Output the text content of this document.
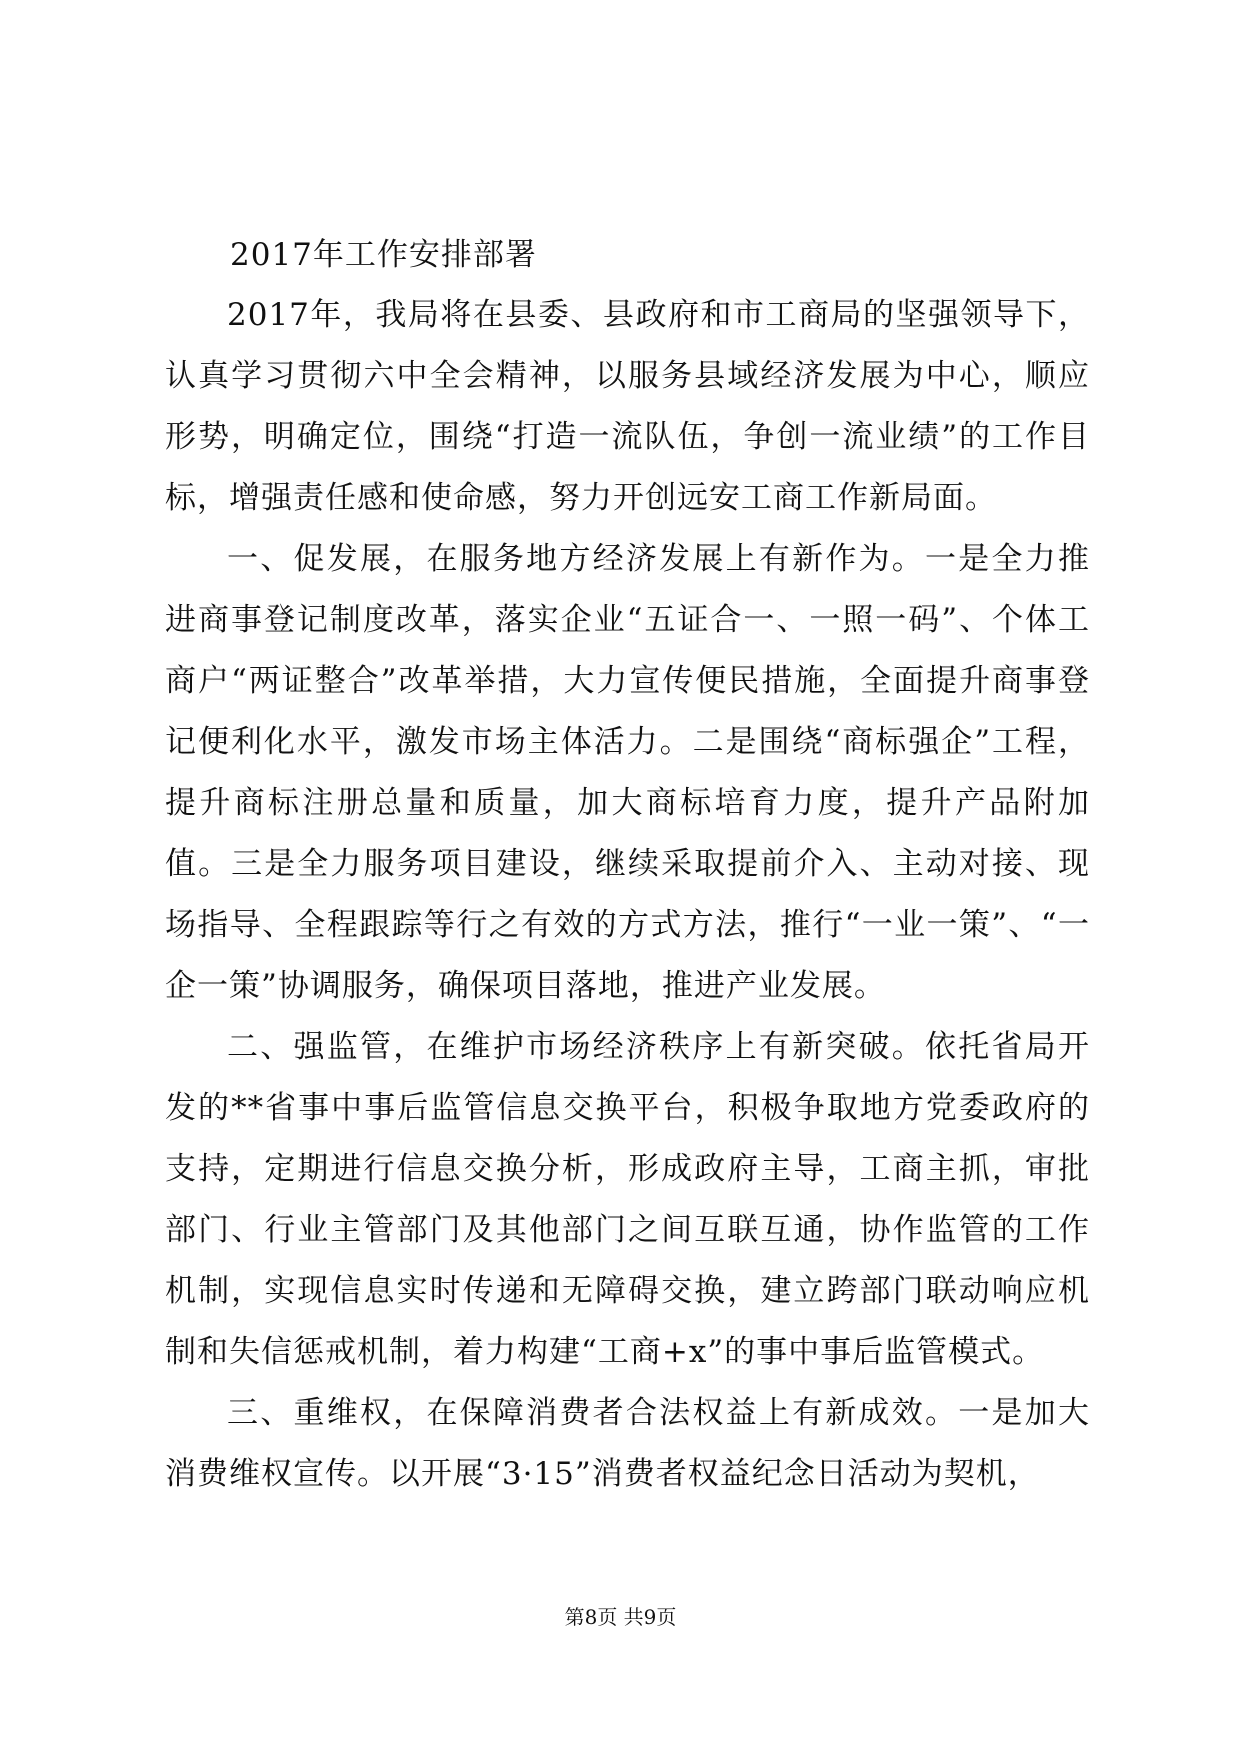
2017年工作安排部署

2017年，我局将在县委、县政府和市工商局的坚强领导下，认真学习贯彻六中全会精神，以服务县域经济发展为中心，顺应形势，明确定位，围绕“打造一流队伍，争创一流业绩”的工作目标，增强责任感和使命感，努力开创远安工商工作新局面。

一、促发展，在服务地方经济发展上有新作为。一是全力推进商事登记制度改革，落实企业“五证合一、一照一码”、个体工商户“两证整合”改革举措，大力宣传便民措施，全面提升商事登记便利化水平，激发市场主体活力。二是围绕“商标强企”工程，提升商标注册总量和质量，加大商标培育力度，提升产品附加值。三是全力服务项目建设，继续采取提前介入、主动对接、现场指导、全程跟踪等行之有效的方式方法，推行“一业一策”、“一企一策”协调服务，确保项目落地，推进产业发展。

二、强监管，在维护市场经济秩序上有新突破。依托省局开发的**省事中事后监管信息交换平台，积极争取地方党委政府的支持，定期进行信息交换分析，形成政府主导，工商主抓，审批部门、行业主管部门及其他部门之间互联互通，协作监管的工作机制，实现信息实时传递和无障碍交换，建立跨部门联动响应机制和失信惩戒机制，着力构建“工商+x”的事中事后监管模式。

三、重维权，在保障消费者合法权益上有新成效。一是加大消费维权宣传。以开展“3·15”消费者权益纪念日活动为契机，

第8页 共9页
